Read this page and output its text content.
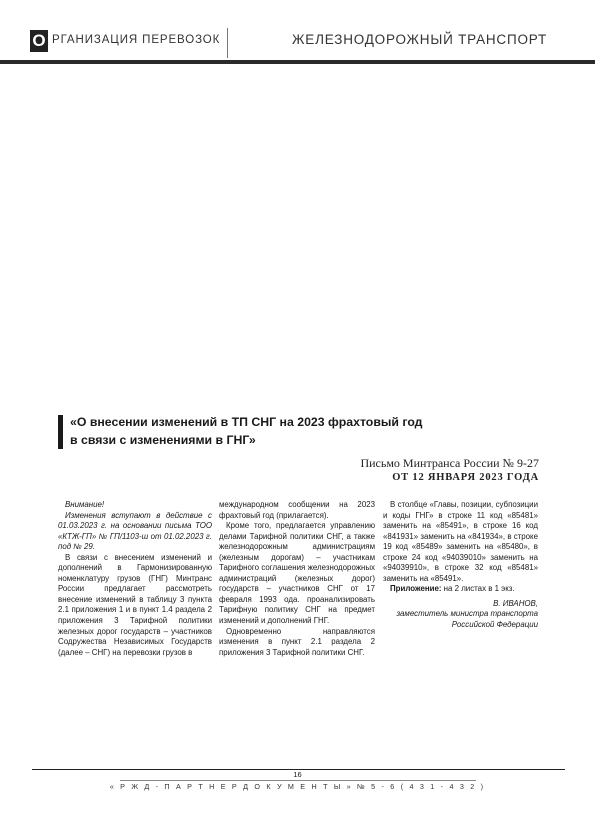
О РГАНИЗАЦИЯ ПЕРЕВОЗОК	ЖЕЛЕЗНОДОРОЖНЫЙ ТРАНСПОРТ
«О внесении изменений в ТП СНГ на 2023 фрахтовый год
в связи с изменениями в ГНГ»
Письмо Минтранса России № 9-27
ОТ 12 ЯНВАРЯ 2023 ГОДА

Внимание!

Изменения вступают в действие с 01.03.2023 г. на основании письма ТОО «КТЖ-ГП» № ГП/1103-ш от 01.02.2023 г. под № 29.

В связи с внесением изменений и дополнений в Гармонизированную номенклатуру грузов (ГНГ) Минтранс России предлагает рассмотреть внесение изменений в таблицу 3 пункта 2.1 приложения 1 и в пункт 1.4 раздела 2 приложения 3 Тарифной политики железных дорог государств – участников Содружества Независимых Государств (далее – СНГ) на перевозки грузов в

международном сообщении на 2023 фрахтовый год (прилагается).

Кроме того, предлагается управлению делами Тарифной политики СНГ, а также железнодорожным администрациям (железным дорогам) – участникам Тарифного соглашения железнодорожных администраций (железных дорог) государств – участников СНГ от 17 февраля 1993 ода. проанализировать Тарифную политику СНГ на предмет изменений и дополнений ГНГ.

Одновременно направляются изменения в пункт 2.1 раздела 2 приложения 3 Тарифной политики СНГ.

В столбце «Главы, позиции, субпозиции и коды ГНГ» в строке 11 код «85481» заменить на «85491», в строке 16 код «841931» заменить на «841934», в строке 19 код «85489» заменить на «85480», в строке 24 код «94039010» заменить на «94039910», в строке 32 код «85481» заменить на «85491».

Приложение: на 2 листах в 1 экз.

В. ИВАНОВ,
заместитель министра транспорта Российской Федерации
16
« Р Ж Д - П А Р Т Н Е Р Д О К У М Е Н Т Ы » № 5 - 6 ( 4 3 1 - 4 3 2 )
